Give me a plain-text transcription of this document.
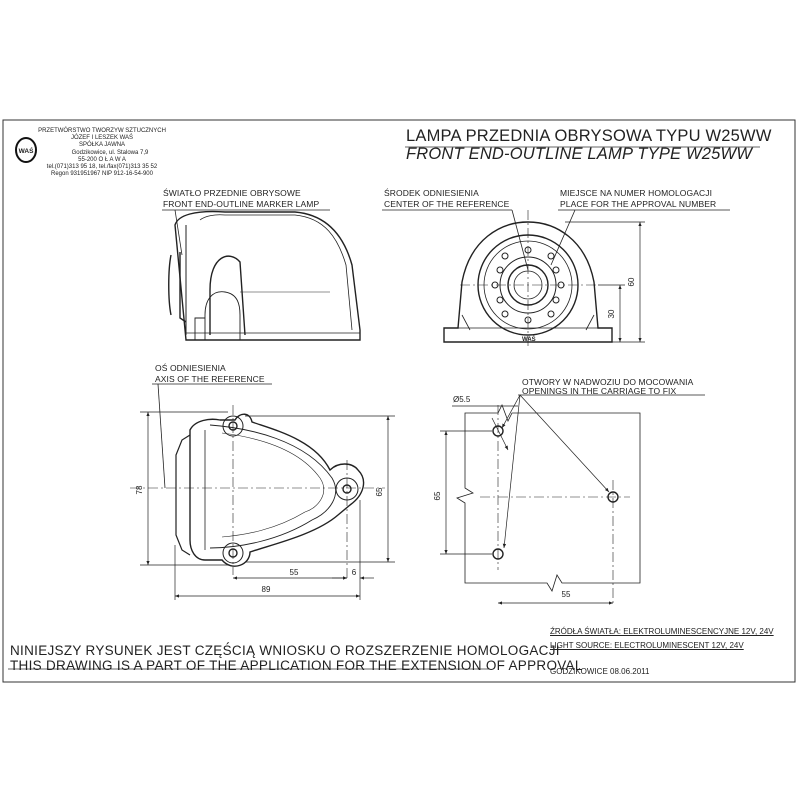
WAŚ
WAŚ
60
30
78	65
55	6
89
Ø5.5
65
55
PRZETWÓRSTWO TWORZYW SZTUCZNYCH
JÓZEF I LESZEK WAŚ
SPÓŁKA JAWNA
Godzikowice, ul. Stalowa 7,9
55-200 O Ł A W A
tel.(071)313 95 18, tel./fax(071)313 35 52
Regon 931951967 NIP 912-16-54-900
LAMPA PRZEDNIA OBRYSOWA TYPU W25WW
FRONT END-OUTLINE LAMP TYPE W25WW
ŚWIATŁO PRZEDNIE OBRYSOWE
FRONT END-OUTLINE MARKER LAMP
ŚRODEK ODNIESIENIA
CENTER OF THE REFERENCE
MIEJSCE NA NUMER HOMOLOGACJI
PLACE FOR THE APPROVAL NUMBER
OŚ ODNIESIENIA
AXIS OF THE REFERENCE	OTWORY W NADWOZIU DO MOCOWANIA
OPENINGS IN THE CARRIAGE TO FIX
NINIEJSZY RYSUNEK JEST CZĘŚCIĄ WNIOSKU O ROZSZERZENIE HOMOLOGACJI
THIS DRAWING IS A PART OF THE APPLICATION FOR THE EXTENSION OF APPROVAL
ŹRÓDŁA ŚWIATŁA: ELEKTROLUMINESCENCYJNE 12V, 24V
LIGHT SOURCE: ELECTROLUMINESCENT 12V, 24V
GODZIKOWICE 08.06.2011
